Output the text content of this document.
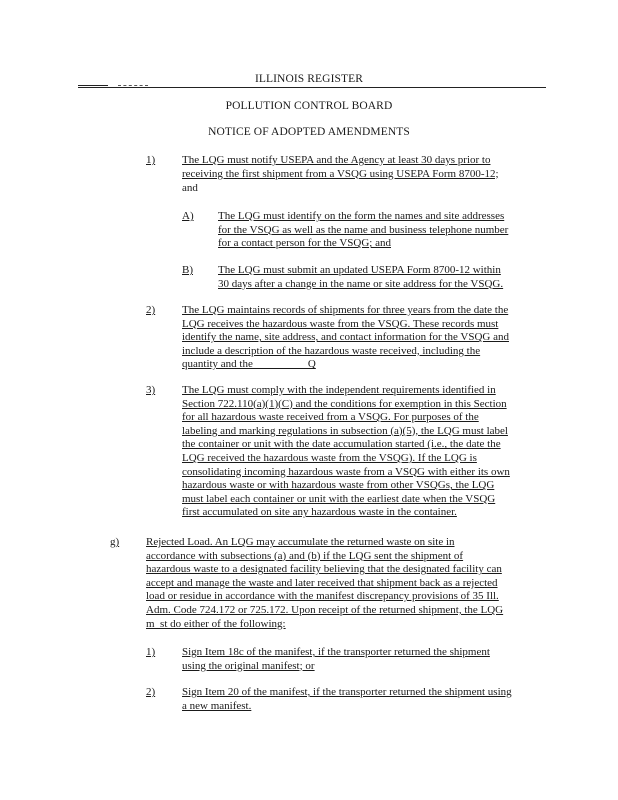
ILLINOIS REGISTER
POLLUTION CONTROL BOARD
NOTICE OF ADOPTED AMENDMENTS
1) The LQG must notify USEPA and the Agency at least 30 days prior to
receiving the first shipment from a VSQG using USEPA Form 8700-12;
and
A) The LQG must identify on the form the names and site addresses
for the VSQG as well as the name and business telephone number
for a contact person for the VSQG; and
B) The LQG must submit an updated USEPA Form 8700-12 within
30 days after a change in the name or site address for the VSQG.
2) The LQG maintains records of shipments for three years from the date the
LQG receives the hazardous waste from the VSQG. These records must
identify the name, site address, and contact information for the VSQG and
include a description of the hazardous waste received, including the
quantity and the                    Q
3) The LQG must comply with the independent requirements identified in
Section 722.110(a)(1)(C) and the conditions for exemption in this Section
for all hazardous waste received from a VSQG. For purposes of the
labeling and marking regulations in subsection (a)(5), the LQG must label
the container or unit with the date accumulation started (i.e., the date the
LQG received the hazardous waste from the VSQG). If the LQG is
consolidating incoming hazardous waste from a VSQG with either its own
hazardous waste or with hazardous waste from other VSQGs, the LQG
must label each container or unit with the earliest date when the VSQG
first accumulated on site any hazardous waste in the container.
g) Rejected Load. An LQG may accumulate the returned waste on site in
accordance with subsections (a) and (b) if the LQG sent the shipment of
hazardous waste to a designated facility believing that the designated facility can
accept and manage the waste and later received that shipment back as a rejected
load or residue in accordance with the manifest discrepancy provisions of 35 Ill.
Adm. Code 724.172 or 725.172. Upon receipt of the returned shipment, the LQG
m  st do either of the following:
1) Sign Item 18c of the manifest, if the transporter returned the shipment
using the original manifest; or
2) Sign Item 20 of the manifest, if the transporter returned the shipment using
a new manifest.
